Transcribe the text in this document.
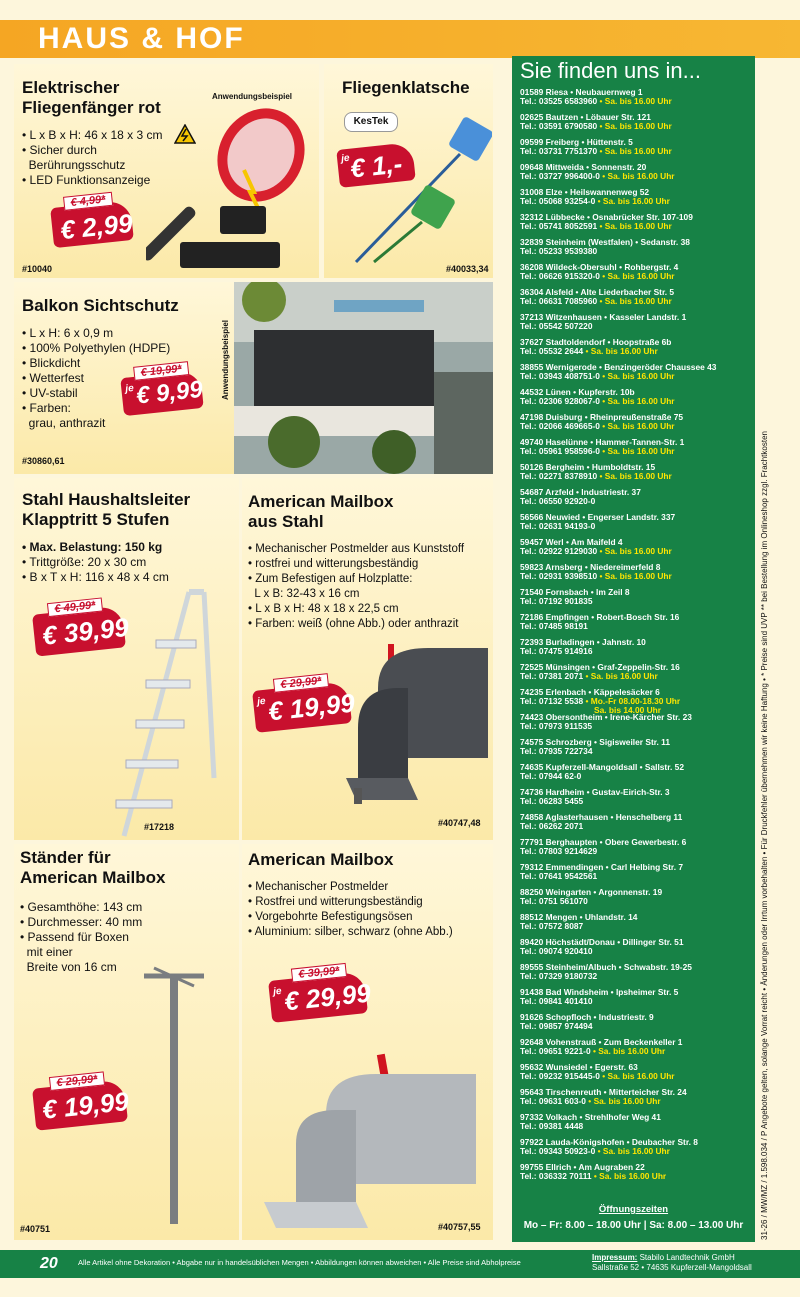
HAUS & HOF
Elektrischer
Fliegenfänger rot
Anwendungsbeispiel
• L x B x H: 46 x 18 x 3 cm
• Sicher durch
Berührungsschutz
• LED Funktionsanzeige
€ 4,99*
€ 2,99
#10040
Fliegenklatsche
KesTek
je
€ 1,-
#40033,34
Balkon Sichtschutz
• L x H: 6 x 0,9 m
• 100% Polyethylen (HDPE)
• Blickdicht
• Wetterfest
• UV-stabil
• Farben:
grau, anthrazit
€ 19,99*
je € 9,99 Anwendungsbeispiel
#30860,61
Stahl Haushaltsleiter
Klapptritt 5 Stufen
• Max. Belastung: 150 kg
• Trittgröße: 20 x 30 cm
• B x T x H: 116 x 48 x 4 cm
€ 49,99*
€ 39,99
#17218
American Mailbox
aus Stahl
• Mechanischer Postmelder aus Kunststoff
• rostfrei und witterungsbeständig
• Zum Befestigen auf Holzplatte:
L x B: 32-43 x 16 cm
• L x B x H: 48 x 18 x 22,5 cm
• Farben: weiß (ohne Abb.) oder anthrazit
€ 29,99*
je € 19,99
#40747,48
Ständer für
American Mailbox
• Gesamthöhe: 143 cm
• Durchmesser: 40 mm
• Passend für Boxen
mit einer
Breite von 16 cm
€ 29,99*
€ 19,99
#40751
American Mailbox
• Mechanischer Postmelder
• Rostfrei und witterungsbeständig
• Vorgebohrte Befestigungsösen
• Aluminium: silber, schwarz (ohne Abb.)
€ 39,99*
je € 29,99
#40757,55
Sie finden uns in...
01589 Riesa • Neubauernweg 1
Tel.: 03525 6583960 • Sa. bis 16.00 Uhr
02625 Bautzen • Löbauer Str. 121
Tel.: 03591 6790580 • Sa. bis 16.00 Uhr
09599 Freiberg • Hüttenstr. 5
Tel.: 03731 7751370 • Sa. bis 16.00 Uhr
09648 Mittweida • Sonnenstr. 20
Tel.: 03727 996400-0 • Sa. bis 16.00 Uhr
31008 Elze • Heilswannenweg 52
Tel.: 05068 93254-0 • Sa. bis 16.00 Uhr
32312 Lübbecke • Osnabrücker Str. 107-109
Tel.: 05741 8052591 • Sa. bis 16.00 Uhr
32839 Steinheim (Westfalen) • Sedanstr. 38
Tel.: 05233 9539380
36208 Wildeck-Obersuhl • Rohbergstr. 4
Tel.: 06626 915320-0 • Sa. bis 16.00 Uhr
36304 Alsfeld • Alte Liederbacher Str. 5
Tel.: 06631 7085960 • Sa. bis 16.00 Uhr
37213 Witzenhausen • Kasseler Landstr. 1
Tel.: 05542 507220
37627 Stadtoldendorf • Hoopstraße 6b
Tel.: 05532 2644 • Sa. bis 16.00 Uhr
38855 Wernigerode • Benzingeröder Chaussee 43
Tel.: 03943 408751-0 • Sa. bis 16.00 Uhr
44532 Lünen • Kupferstr. 10b
Tel.: 02306 928067-0 • Sa. bis 16.00 Uhr
47198 Duisburg • Rheinpreußenstraße 75
Tel.: 02066 469665-0 • Sa. bis 16.00 Uhr
49740 Haselünne • Hammer-Tannen-Str. 1
Tel.: 05961 958596-0 • Sa. bis 16.00 Uhr
50126 Bergheim • Humboldtstr. 15
Tel.: 02271 8378910 • Sa. bis 16.00 Uhr
54687 Arzfeld • Industriestr. 37
Tel.: 06550 92920-0
56566 Neuwied • Engerser Landstr. 337
Tel.: 02631 94193-0
59457 Werl • Am Maifeld 4
Tel.: 02922 9129030 • Sa. bis 16.00 Uhr
59823 Arnsberg • Niedereimerfeld 8
Tel.: 02931 9398510 • Sa. bis 16.00 Uhr
71540 Fornsbach • Im Zeil 8
Tel.: 07192 901835
72186 Empfingen • Robert-Bosch Str. 16
Tel.: 07485 98191
72393 Burladingen • Jahnstr. 10
Tel.: 07475 914916
72525 Münsingen • Graf-Zeppelin-Str. 16
Tel.: 07381 2071 • Sa. bis 16.00 Uhr
74235 Erlenbach • Käppelesäcker 6
Tel.: 07132 5538 • Mo.-Fr 08.00-18.30 Uhr
Sa. bis 14.00 Uhr
74423 Obersontheim • Irene-Kärcher Str. 23
Tel.: 07973 911535
74575 Schrozberg • Sigisweiler Str. 11
Tel.: 07935 722734
74635 Kupferzell-Mangoldsall • Sallstr. 52
Tel.: 07944 62-0
74736 Hardheim • Gustav-Eirich-Str. 3
Tel.: 06283 5455
74858 Aglasterhausen • Henschelberg 11
Tel.: 06262 2071
77791 Berghaupten • Obere Gewerbestr. 6
Tel.: 07803 9214629
79312 Emmendingen • Carl Helbing Str. 7
Tel.: 07641 9542561
88250 Weingarten • Argonnenstr. 19
Tel.: 0751 561070
88512 Mengen • Uhlandstr. 14
Tel.: 07572 8087
89420 Höchstädt/Donau • Dillinger Str. 51
Tel.: 09074 920410
89555 Steinheim/Albuch • Schwabstr. 19-25
Tel.: 07329 9180732
91438 Bad Windsheim • Ipsheimer Str. 5
Tel.: 09841 401410
91626 Schopfloch • Industriestr. 9
Tel.: 09857 974494
92648 Vohenstrauß • Zum Beckenkeller 1
Tel.: 09651 9221-0 • Sa. bis 16.00 Uhr
95632 Wunsiedel • Egerstr. 63
Tel.: 09232 915445-0 • Sa. bis 16.00 Uhr
95643 Tirschenreuth • Mitterteicher Str. 24
Tel.: 09631 603-0 • Sa. bis 16.00 Uhr
97332 Volkach • Strehlhofer Weg 41
Tel.: 09381 4448
97922 Lauda-Königshofen • Deubacher Str. 8
Tel.: 09343 50923-0 • Sa. bis 16.00 Uhr
99755 Ellrich • Am Augraben 22
Tel.: 036332 70111 • Sa. bis 16.00 Uhr
Öffnungszeiten
Mo – Fr: 8.00 – 18.00 Uhr | Sa: 8.00 – 13.00 Uhr	31-26 / MW/MZ / 1.598.034 / P Angebote gelten, solange Vorrat reicht • Änderungen oder Irrtum vorbehalten • Für Druckfehler übernehmen wir keine Haftung • * Preise sind UVP ** bei Bestellung im Onlineshop zzgl. Frachtkosten
20	Alle Artikel ohne Dekoration • Abgabe nur in handelsüblichen Mengen • Abbildungen können abweichen • Alle Preise sind Abholpreise
Impressum: Stabilo Landtechnik GmbH
Sallstraße 52 • 74635 Kupferzell-Mangoldsall
